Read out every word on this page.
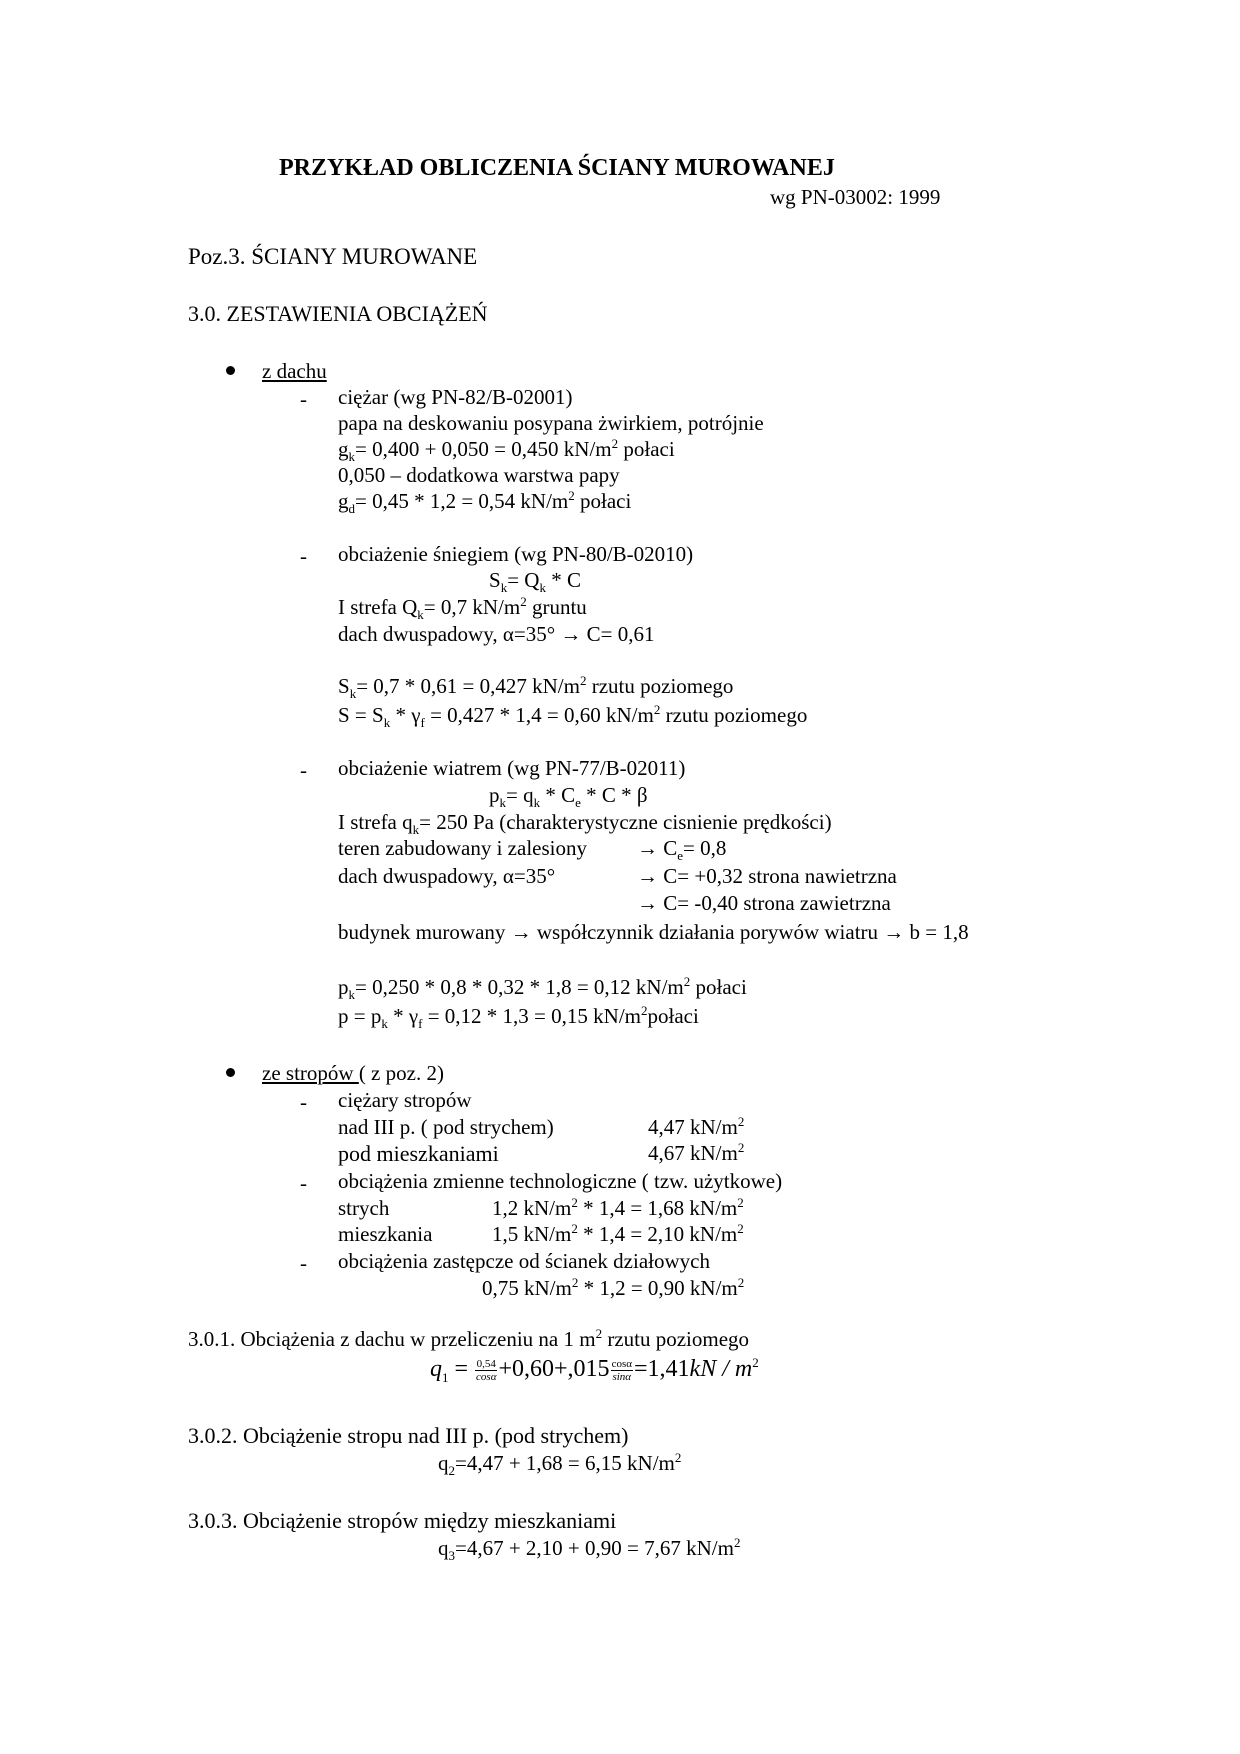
PRZYKŁAD OBLICZENIA ŚCIANY MUROWANEJ
wg PN-03002: 1999
Poz.3. ŚCIANY MUROWANE
3.0. ZESTAWIENIA OBCIĄŻEŃ
z dachu
- ciężar (wg PN-82/B-02001)
papa na deskowaniu posypana żwirkiem, potrójnie
$g_k= 0,400 + 0,050 = 0,450$ $kN/m^2$ połaci
0,050 – dodatkowa warstwa papy
$g_d= 0,45 * 1,2 = 0,54$ $kN/m^2$ połaci
- obciażenie śniegiem (wg PN-80/B-02010)
$S_k= Q_k * C$
I strefa $Q_k= 0,7$ $kN/m^2$ gruntu
dach dwuspadowy, α=35° → C= 0,61
$S_k= 0,7 * 0,61 = 0,427$ $kN/m^2$ rzutu poziomego
$S = S_k * \gamma_f = 0,427 * 1,4 = 0,60$ $kN/m^2$ rzutu poziomego
- obciażenie wiatrem (wg PN-77/B-02011)
$p_k= q_k * C_e * C * \beta$
I strefa $q_k= 250$ Pa (charakterystyczne cisnienie prędkości)
teren zabudowany i zalesiony → $C_e= 0,8$
dach dwuspadowy, α=35°	→ C= +0,32 strona nawietrzna
→ C= -0,40 strona zawietrzna
budynek murowany → współczynnik działania porywów wiatru → b = 1,8
$p_k= 0,250 * 0,8 * 0,32 * 1,8 = 0,12$ $kN/m^2$ połaci
$p = p_k * \gamma_f = 0,12 * 1,3 = 0,15$ $kN/m^2połaci$
ze stropów ( z poz. 2)
- ciężary stropów
nad III p. ( pod strychem)	4,47 $kN/m^2$
pod mieszkaniami	4,67 $kN/m^2$
- obciążenia zmienne technologiczne ( tzw. użytkowe)
strych	1,2 $kN/m^2 * 1,4 = 1,68$ $kN/m^2$
mieszkania	1,5 $kN/m^2 * 1,4 = 2,10$ $kN/m^2$
- obciążenia zastępcze od ścianek działowych
0,75 $kN/m^2 * 1,2 = 0,90$ $kN/m^2$
3.0.1. Obciążenia z dachu w przeliczeniu na 1 $m^2$ rzutu poziomego
$q_1 = \frac{0,54}{\cos\alpha} +0,60+,015 \frac{\cos\alpha}{\sin\alpha} =1,41kN / m^2$
3.0.2. Obciążenie stropu nad III p. (pod strychem)
$q_2=4,47 + 1,68 = 6,15$ $kN/m^2$
3.0.3. Obciążenie stropów między mieszkaniami
$q_3=4,67 + 2,10 + 0,90 = 7,67$ $kN/m^2$
